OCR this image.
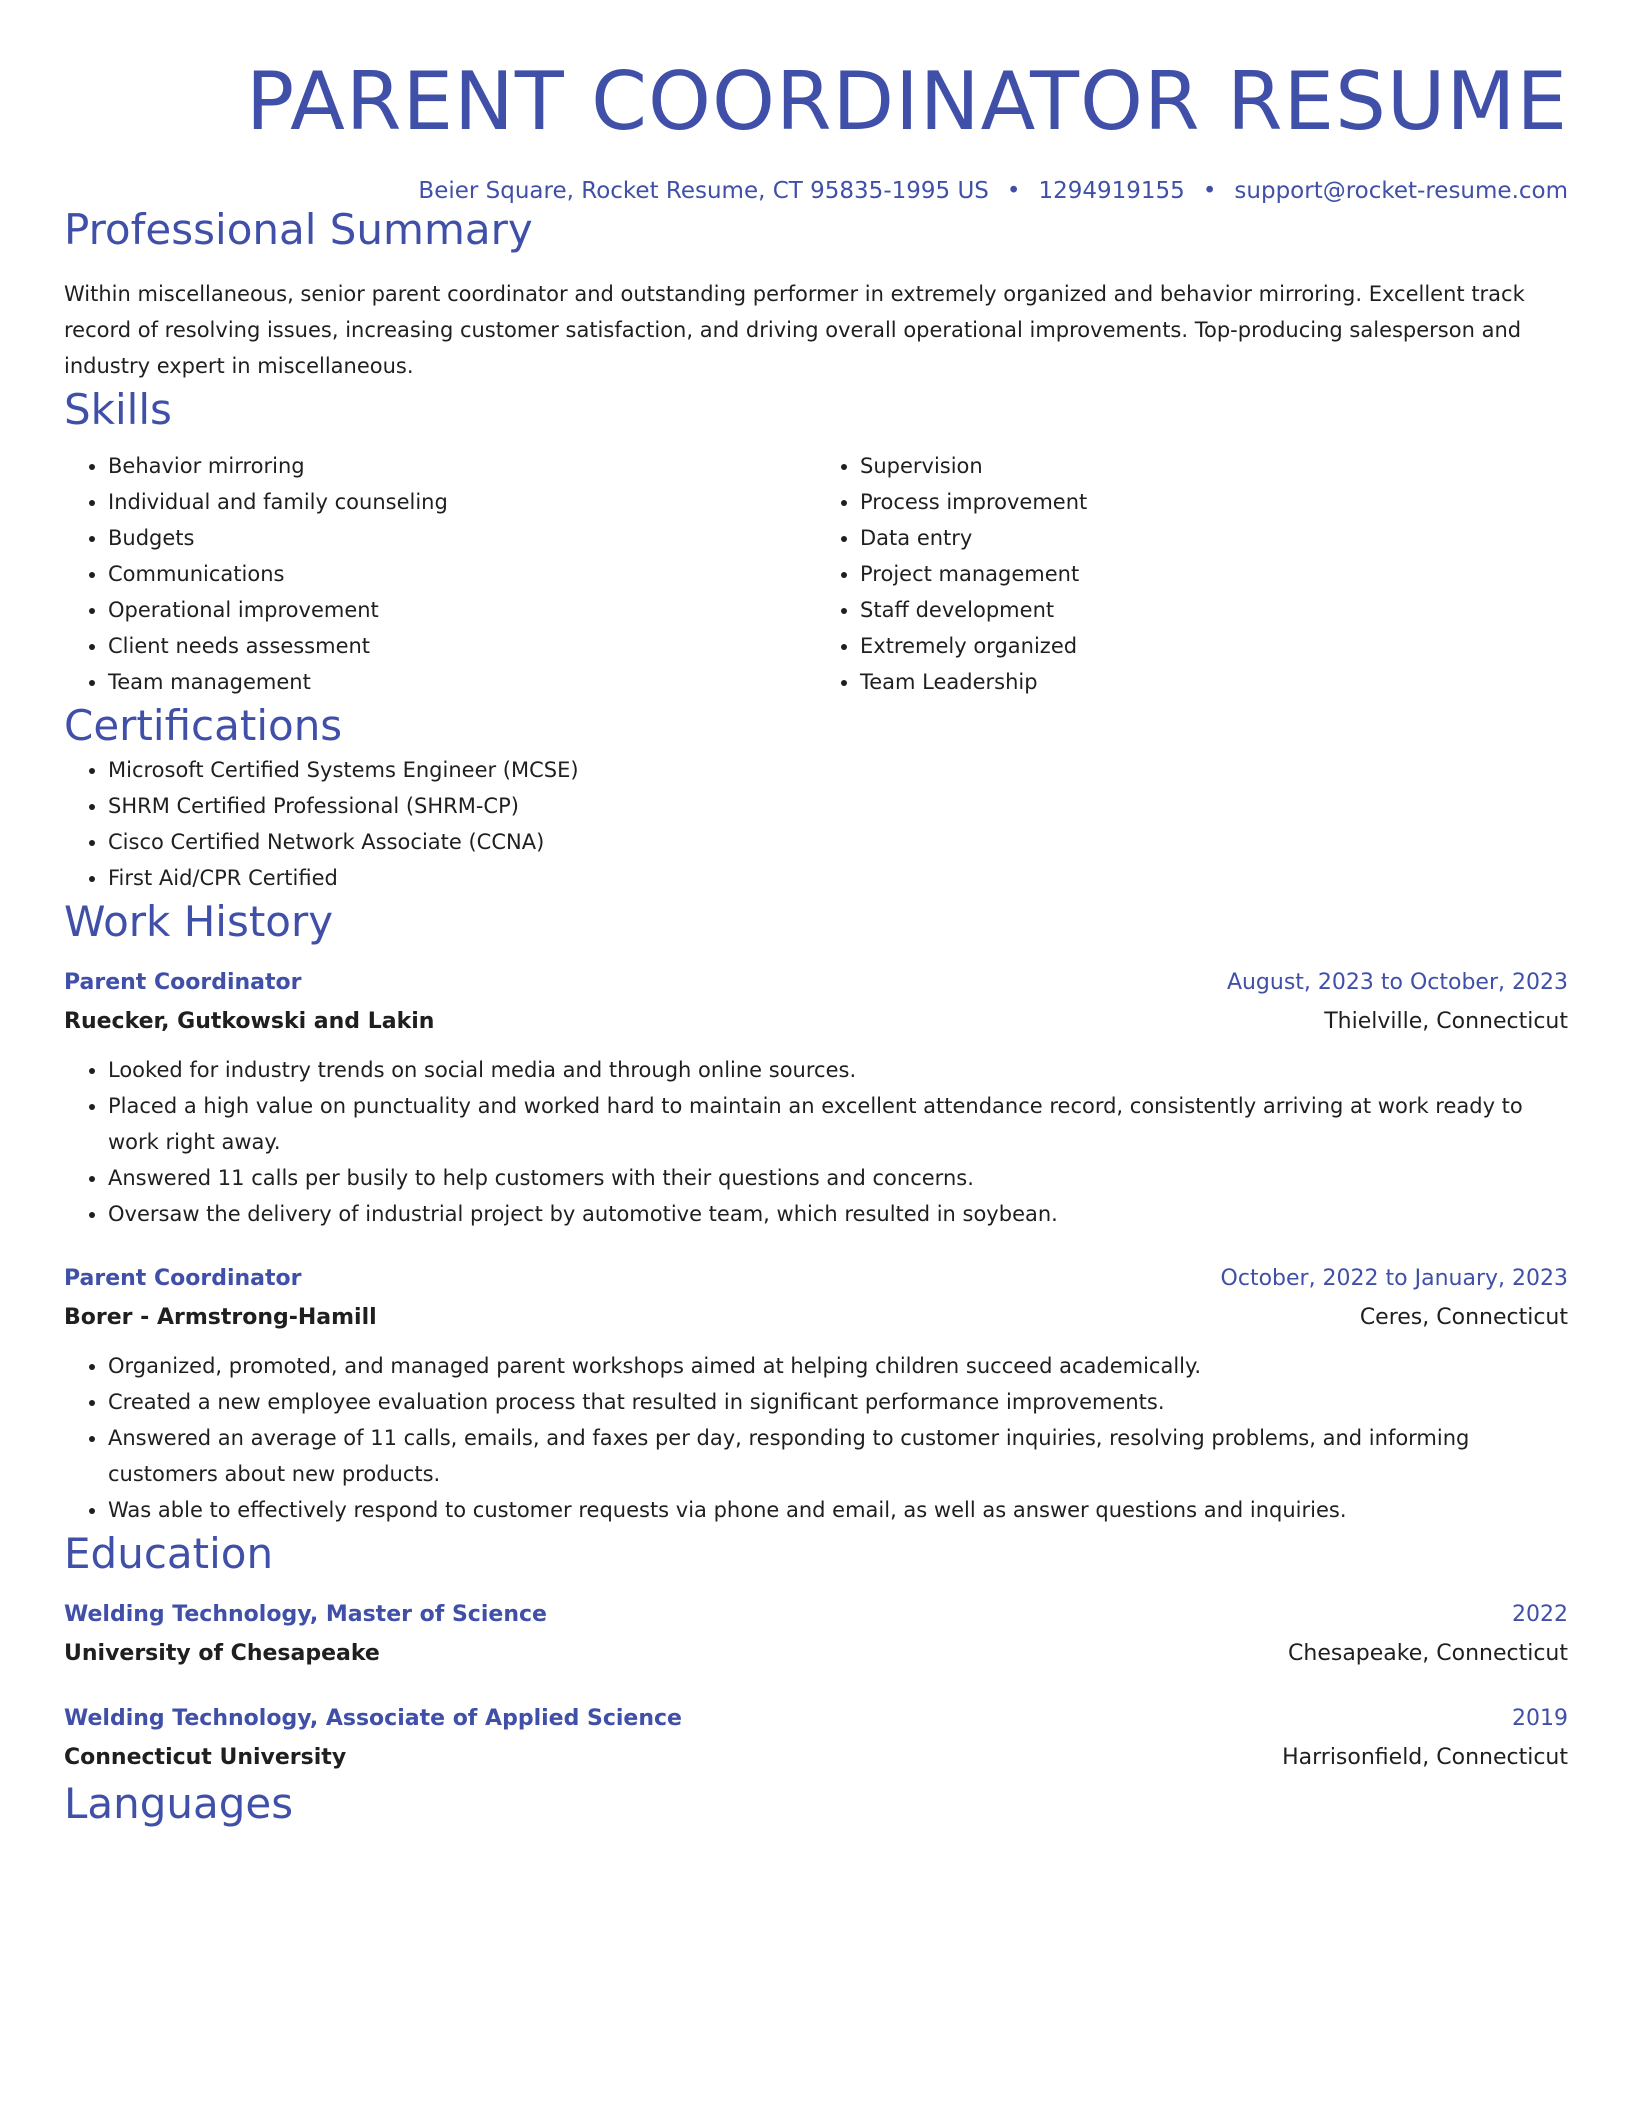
PARENT COORDINATOR RESUME
Beier Square, Rocket Resume, CT 95835-1995 US • 1294919155 • support@rocket-resume.com
Professional Summary

Within miscellaneous, senior parent coordinator and outstanding performer in extremely organized and behavior mirroring. Excellent track record of resolving issues, increasing customer satisfaction, and driving overall operational improvements. Top-producing salesperson and industry expert in miscellaneous.

Skills
• Behavior mirroring
• Individual and family counseling
• Budgets
• Communications
• Operational improvement
• Client needs assessment
• Team management
• Supervision
• Process improvement
• Data entry
• Project management
• Staff development
• Extremely organized
• Team Leadership
Certifications
• Microsoft Certified Systems Engineer (MCSE)
• SHRM Certified Professional (SHRM-CP)
• Cisco Certified Network Associate (CCNA)
• First Aid/CPR Certified
Work History
Parent Coordinator	August, 2023 to October, 2023
Ruecker, Gutkowski and Lakin	Thielville, Connecticut
• Looked for industry trends on social media and through online sources.
• Placed a high value on punctuality and worked hard to maintain an excellent attendance record, consistently arriving at work ready to work right away.
• Answered 11 calls per busily to help customers with their questions and concerns.
• Oversaw the delivery of industrial project by automotive team, which resulted in soybean.
Parent Coordinator	October, 2022 to January, 2023
Borer - Armstrong-Hamill	Ceres, Connecticut
• Organized, promoted, and managed parent workshops aimed at helping children succeed academically.
• Created a new employee evaluation process that resulted in significant performance improvements.
• Answered an average of 11 calls, emails, and faxes per day, responding to customer inquiries, resolving problems, and informing customers about new products.
• Was able to effectively respond to customer requests via phone and email, as well as answer questions and inquiries.
Education
Welding Technology, Master of Science	2022
University of Chesapeake	Chesapeake, Connecticut
Welding Technology, Associate of Applied Science	2019
Connecticut University	Harrisonfield, Connecticut
Languages
